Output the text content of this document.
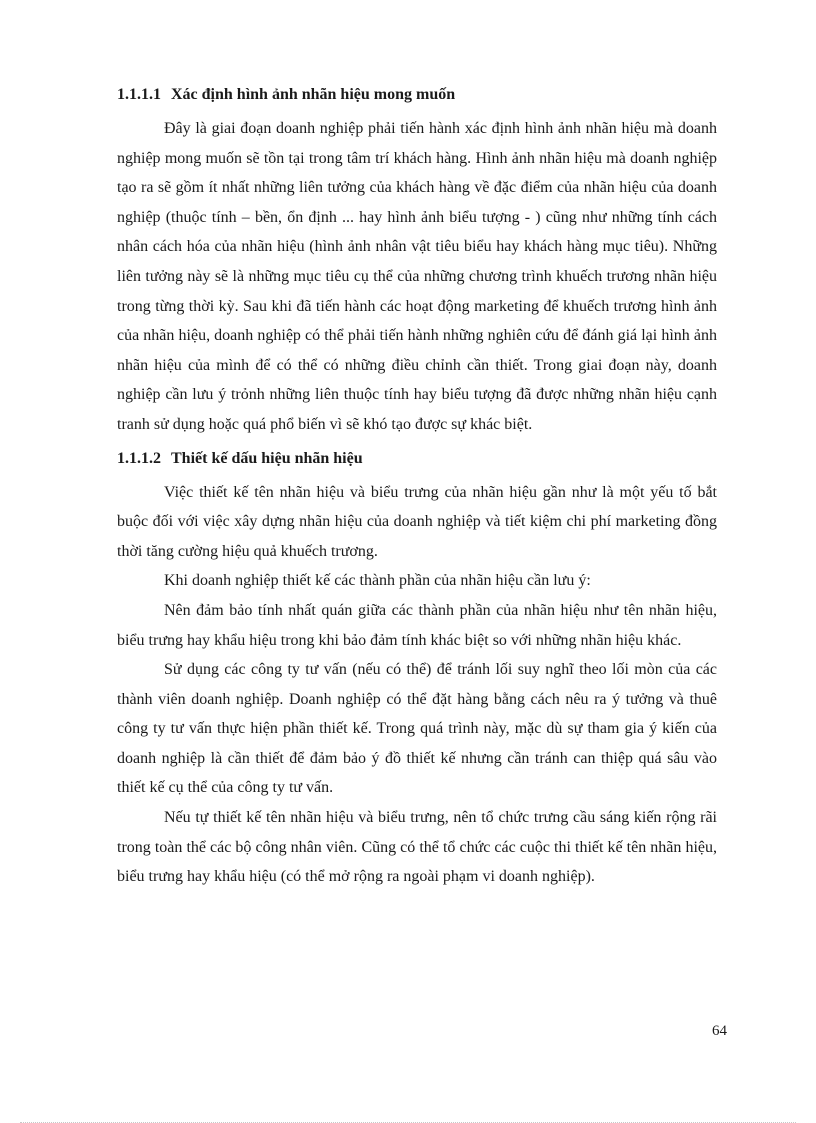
1.1.1.1 Xác định hình ảnh nhãn hiệu mong muốn

Đây là giai đoạn doanh nghiệp phải tiến hành xác định hình ảnh nhãn hiệu mà doanh nghiệp mong muốn sẽ tồn tại trong tâm trí khách hàng. Hình ảnh nhãn hiệu mà doanh nghiệp tạo ra sẽ gồm ít nhất những liên tưởng của khách hàng về đặc điểm của nhãn hiệu của doanh nghiệp (thuộc tính – bền, ổn định ... hay hình ảnh biểu tượng - ) cũng như những tính cách nhân cách hóa của nhãn hiệu (hình ảnh nhân vật tiêu biểu hay khách hàng mục tiêu). Những liên tưởng này sẽ là những mục tiêu cụ thể của những chương trình khuếch trương nhãn hiệu trong từng thời kỳ. Sau khi đã tiến hành các hoạt động marketing để khuếch trương hình ảnh của nhãn hiệu, doanh nghiệp có thể phải tiến hành những nghiên cứu để đánh giá lại hình ảnh nhãn hiệu của mình để có thể có những điều chỉnh cần thiết. Trong giai đoạn này, doanh nghiệp cần lưu ý trỏnh những liên thuộc tính hay biểu tượng đã được những nhãn hiệu cạnh tranh sử dụng hoặc quá phổ biến vì sẽ khó tạo được sự khác biệt.

1.1.1.2 Thiết kế dấu hiệu nhãn hiệu

Việc thiết kế tên nhãn hiệu và biểu trưng của nhãn hiệu gần như là một yếu tố bắt buộc đối với việc xây dựng nhãn hiệu của doanh nghiệp và tiết kiệm chi phí marketing đồng thời tăng cường hiệu quả khuếch trương.

Khi doanh nghiệp thiết kế các thành phần của nhãn hiệu cần lưu ý:

Nên đảm bảo tính nhất quán giữa các thành phần của nhãn hiệu như tên nhãn hiệu, biểu trưng hay khẩu hiệu trong khi bảo đảm tính khác biệt so với những nhãn hiệu khác.

Sử dụng các công ty tư vấn (nếu có thể) để tránh lối suy nghĩ theo lối mòn của các thành viên doanh nghiệp. Doanh nghiệp có thể đặt hàng bằng cách nêu ra ý tưởng và thuê công ty tư vấn thực hiện phần thiết kế. Trong quá trình này, mặc dù sự tham gia ý kiến của doanh nghiệp là cần thiết để đảm bảo ý đồ thiết kế nhưng cần tránh can thiệp quá sâu vào thiết kế cụ thể của công ty tư vấn.

Nếu tự thiết kế tên nhãn hiệu và biểu trưng, nên tổ chức trưng cầu sáng kiến rộng rãi trong toàn thể các bộ công nhân viên. Cũng có thể tổ chức các cuộc thi thiết kế tên nhãn hiệu, biểu trưng hay khẩu hiệu (có thể mở rộng ra ngoài phạm vi doanh nghiệp).

64
